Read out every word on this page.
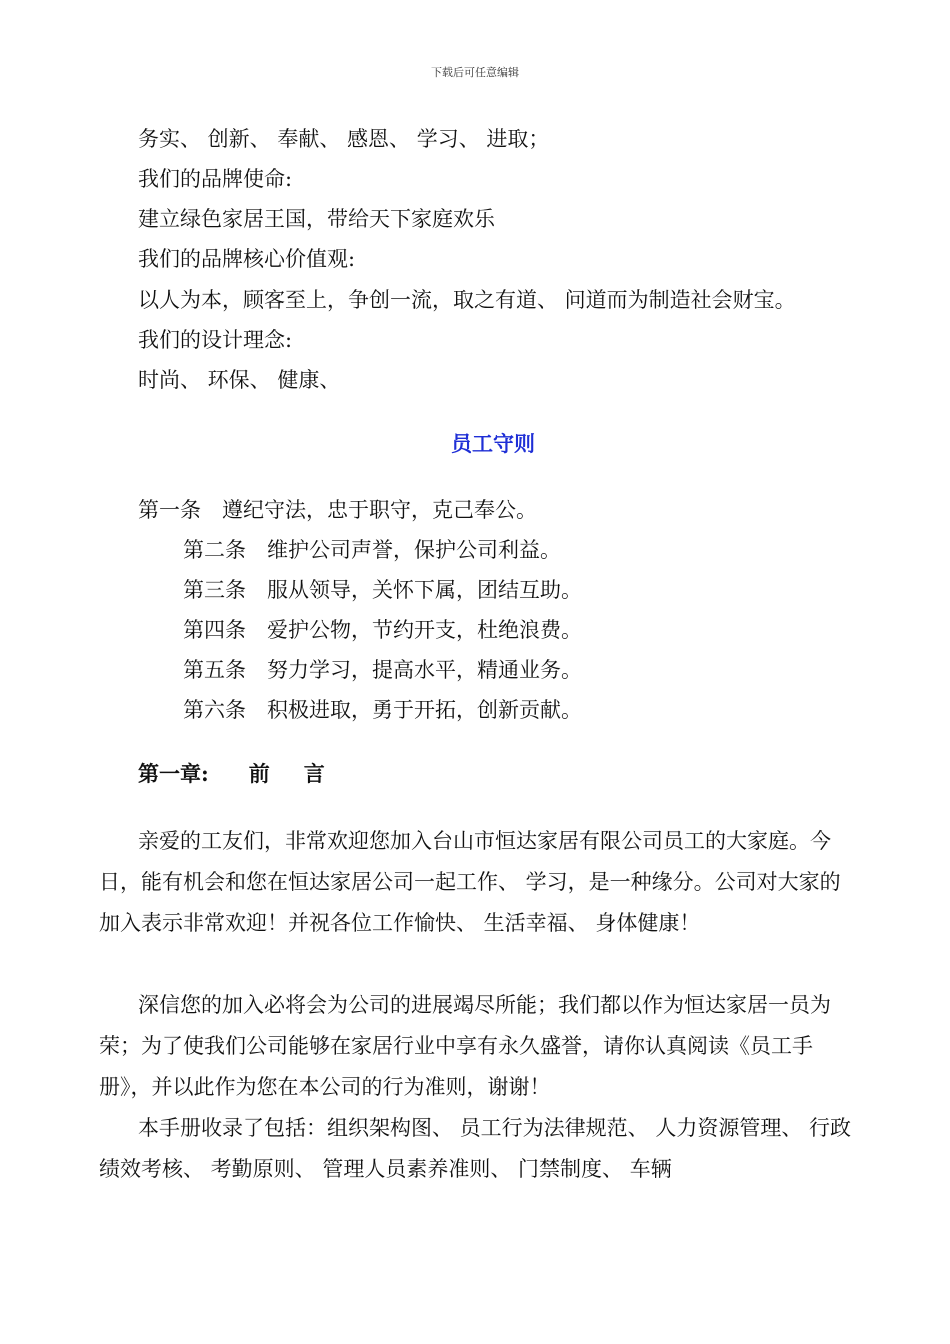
下载后可任意编辑
务实、 创新、 奉献、 感恩、 学习、 进取；
我们的品牌使命:
建立绿色家居王国，带给天下家庭欢乐
我们的品牌核心价值观:
以人为本，顾客至上，争创一流，取之有道、 问道而为制造社会财宝。
我们的设计理念:
时尚、 环保、 健康、
员工守则
第一条　遵纪守法，忠于职守，克己奉公。
第二条　维护公司声誉，保护公司利益。
第三条　服从领导，关怀下属，团结互助。
第四条　爱护公物，节约开支，杜绝浪费。
第五条　努力学习，提高水平，精通业务。
第六条　积极进取，勇于开拓，创新贡献。
第一章: 前 言

亲爱的工友们，非常欢迎您加入台山市恒达家居有限公司员工的大家庭。今日，能有机会和您在恒达家居公司一起工作、 学习，是一种缘分。公司对大家的加入表示非常欢迎！并祝各位工作愉快、 生活幸福、 身体健康！

深信您的加入必将会为公司的进展竭尽所能；我们都以作为恒达家居一员为荣；为了使我们公司能够在家居行业中享有永久盛誉，请你认真阅读《员工手册》，并以此作为您在本公司的行为准则，谢谢！

本手册收录了包括：组织架构图、 员工行为法律规范、 人力资源管理、 行政绩效考核、 考勤原则、 管理人员素养准则、 门禁制度、 车辆
